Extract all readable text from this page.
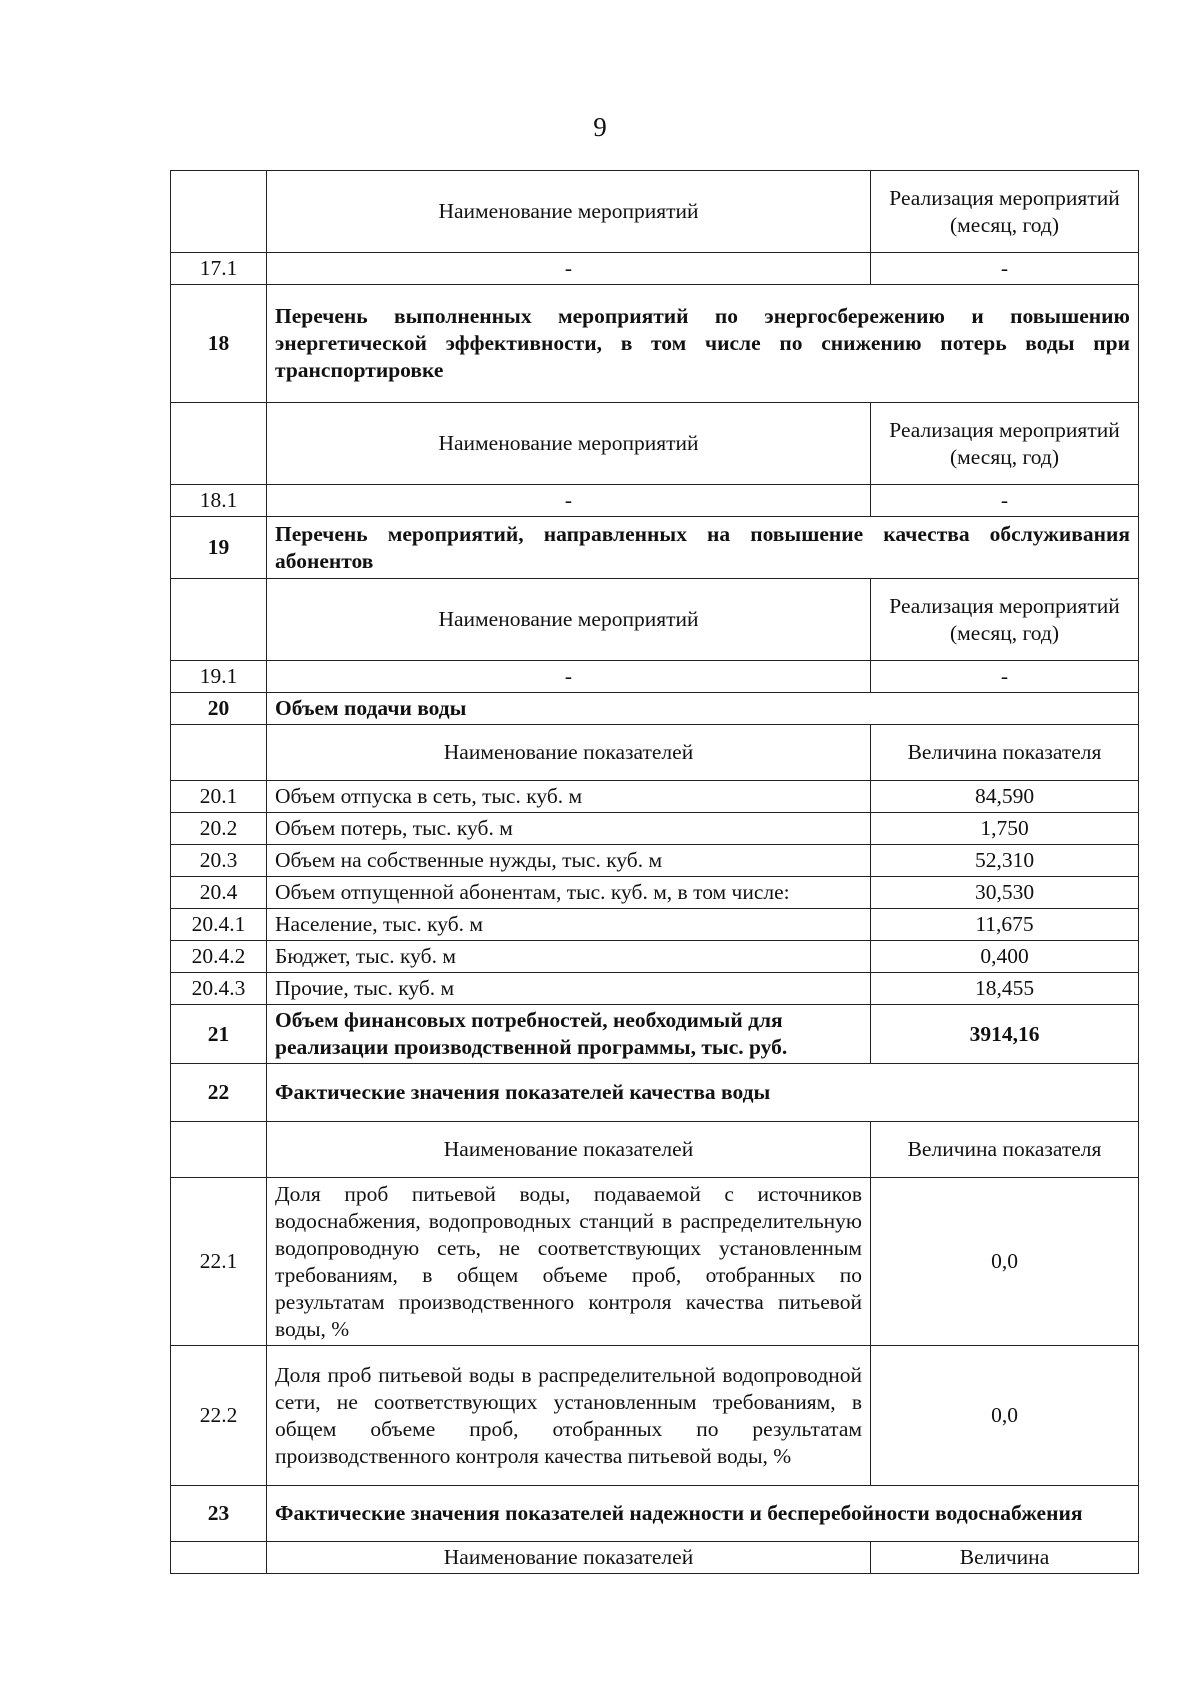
9
	Наименование мероприятий	Реализация мероприятий (месяц, год)
17.1	-	-
18	Перечень выполненных мероприятий по энергосбережению и повышению энергетической эффективности, в том числе по снижению потерь воды при транспортировке	
	Наименование мероприятий	Реализация мероприятий (месяц, год)
18.1	-	-
19	Перечень мероприятий, направленных на повышение качества обслуживания абонентов	
	Наименование мероприятий	Реализация мероприятий (месяц, год)
19.1	-	-
20	Объем подачи воды	
	Наименование показателей	Величина показателя
20.1	Объем отпуска в сеть, тыс. куб. м	84,590
20.2	Объем потерь, тыс. куб. м	1,750
20.3	Объем на собственные нужды, тыс. куб. м	52,310
20.4	Объем отпущенной абонентам, тыс. куб. м, в том числе:	30,530
20.4.1	Население, тыс. куб. м	11,675
20.4.2	Бюджет, тыс. куб. м	0,400
20.4.3	Прочие, тыс. куб. м	18,455
21	Объем финансовых потребностей, необходимый для реализации производственной программы, тыс. руб.	3914,16
22	Фактические значения показателей качества воды	
	Наименование показателей	Величина показателя
22.1	Доля проб питьевой воды, подаваемой с источников водоснабжения, водопроводных станций в распределительную водопроводную сеть, не соответствующих установленным требованиям, в общем объеме проб, отобранных по результатам производственного контроля качества питьевой воды, %	0,0
22.2	Доля проб питьевой воды в распределительной водопроводной сети, не соответствующих установленным требованиям, в общем объеме проб, отобранных по результатам производственного контроля качества питьевой воды, %	0,0
23	Фактические значения показателей надежности и бесперебойности водоснабжения	
	Наименование показателей	Величина
